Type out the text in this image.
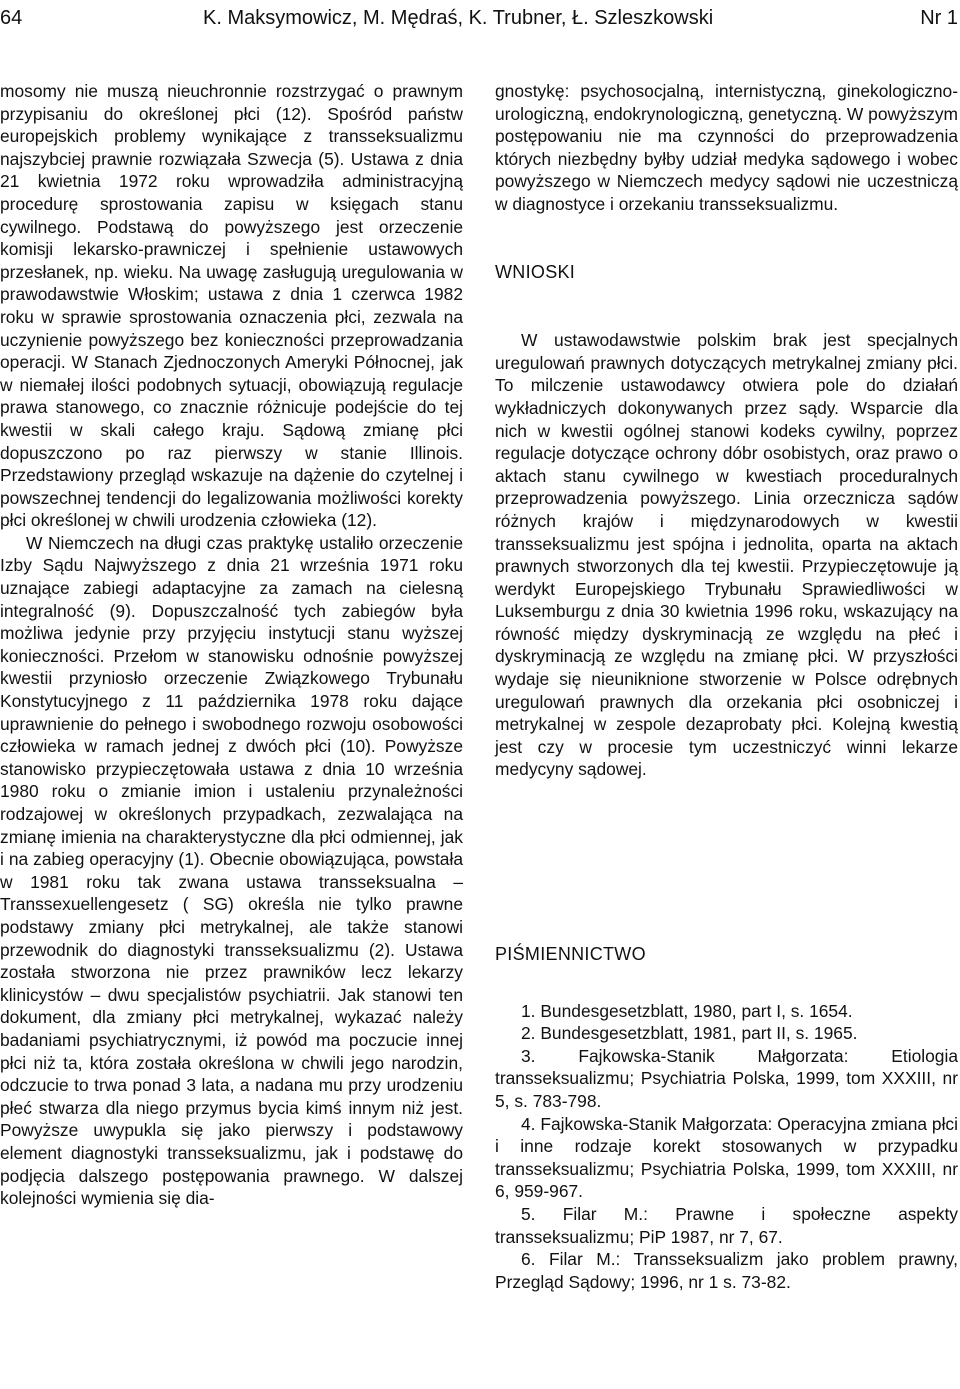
64	K. Maksymowicz, M. Mędraś, K. Trubner, Ł. Szleszkowski	Nr 1

mosomy nie muszą nieuchronnie rozstrzygać o prawnym przypisaniu do określonej płci (12). Spośród państw europejskich problemy wynikające z transseksualizmu najszybciej prawnie rozwiązała Szwecja (5). Ustawa z dnia 21 kwietnia 1972 roku wprowadziła administracyjną procedurę sprostowania zapisu w księgach stanu cywilnego. Podstawą do powyższego jest orzeczenie komisji lekarsko-prawniczej i spełnienie ustawowych przesłanek, np. wieku. Na uwagę zasługują uregulowania w prawodawstwie Włoskim; ustawa z dnia 1 czerwca 1982 roku w sprawie sprostowania oznaczenia płci, zezwala na uczynienie powyższego bez konieczności przeprowadzania operacji. W Stanach Zjednoczonych Ameryki Północnej, jak w niemałej ilości podobnych sytuacji, obowiązują regulacje prawa stanowego, co znacznie różnicuje podejście do tej kwestii w skali całego kraju. Sądową zmianę płci dopuszczono po raz pierwszy w stanie Illinois. Przedstawiony przegląd wskazuje na dążenie do czytelnej i powszechnej tendencji do legalizowania możliwości korekty płci określonej w chwili urodzenia człowieka (12).

W Niemczech na długi czas praktykę ustaliło orzeczenie Izby Sądu Najwyższego z dnia 21 września 1971 roku uznające zabiegi adaptacyjne za zamach na cielesną integralność (9). Dopuszczalność tych zabiegów była możliwa jedynie przy przyjęciu instytucji stanu wyższej konieczności. Przełom w stanowisku odnośnie powyższej kwestii przyniosło orzeczenie Związkowego Trybunału Konstytucyjnego z 11 października 1978 roku dające uprawnienie do pełnego i swobodnego rozwoju osobowości człowieka w ramach jednej z dwóch płci (10). Powyższe stanowisko przypieczętowała ustawa z dnia 10 września 1980 roku o zmianie imion i ustaleniu przynależności rodzajowej w określonych przypadkach, zezwalająca na zmianę imienia na charakterystyczne dla płci odmiennej, jak i na zabieg operacyjny (1). Obecnie obowiązująca, powstała w 1981 roku tak zwana ustawa transseksualna – Transsexuellengesetz ( SG) określa nie tylko prawne podstawy zmiany płci metrykalnej, ale także stanowi przewodnik do diagnostyki transseksualizmu (2). Ustawa została stworzona nie przez prawników lecz lekarzy klinicystów – dwu specjalistów psychiatrii. Jak stanowi ten dokument, dla zmiany płci metrykalnej, wykazać należy badaniami psychiatrycznymi, iż powód ma poczucie innej płci niż ta, która została określona w chwili jego narodzin, odczucie to trwa ponad 3 lata, a nadana mu przy urodzeniu płeć stwarza dla niego przymus bycia kimś innym niż jest. Powyższe uwypukla się jako pierwszy i podstawowy element diagnostyki transseksualizmu, jak i podstawę do podjęcia dalszego postępowania prawnego. W dalszej kolejności wymienia się dia-

gnostykę: psychosocjalną, internistyczną, ginekologiczno-urologiczną, endokrynologiczną, genetyczną. W powyższym postępowaniu nie ma czynności do przeprowadzenia których niezbędny byłby udział medyka sądowego i wobec powyższego w Niemczech medycy sądowi nie uczestniczą w diagnostyce i orzekaniu transseksualizmu.

WNIOSKI

W ustawodawstwie polskim brak jest specjalnych uregulowań prawnych dotyczących metrykalnej zmiany płci. To milczenie ustawodawcy otwiera pole do działań wykładniczych dokonywanych przez sądy. Wsparcie dla nich w kwestii ogólnej stanowi kodeks cywilny, poprzez regulacje dotyczące ochrony dóbr osobistych, oraz prawo o aktach stanu cywilnego w kwestiach proceduralnych przeprowadzenia powyższego. Linia orzecznicza sądów różnych krajów i międzynarodowych w kwestii transseksualizmu jest spójna i jednolita, oparta na aktach prawnych stworzonych dla tej kwestii. Przypieczętowuje ją werdykt Europejskiego Trybunału Sprawiedliwości w Luksemburgu z dnia 30 kwietnia 1996 roku, wskazujący na równość między dyskryminacją ze względu na płeć i dyskryminacją ze względu na zmianę płci. W przyszłości wydaje się nieuniknione stworzenie w Polsce odrębnych uregulowań prawnych dla orzekania płci osobniczej i metrykalnej w zespole dezaprobaty płci. Kolejną kwestią jest czy w procesie tym uczestniczyć winni lekarze medycyny sądowej.

PIŚMIENNICTWO
1. Bundesgesetzblatt, 1980, part I, s. 1654.
2. Bundesgesetzblatt, 1981, part II, s. 1965.
3. Fajkowska-Stanik Małgorzata: Etiologia transseksualizmu; Psychiatria Polska, 1999, tom XXXIII, nr 5, s. 783-798.
4. Fajkowska-Stanik Małgorzata: Operacyjna zmiana płci i inne rodzaje korekt stosowanych w przypadku transseksualizmu; Psychiatria Polska, 1999, tom XXXIII, nr 6, 959-967.
5. Filar M.: Prawne i społeczne aspekty transseksualizmu; PiP 1987, nr 7, 67.
6. Filar M.: Transseksualizm jako problem prawny, Przegląd Sądowy; 1996, nr 1 s. 73-82.
